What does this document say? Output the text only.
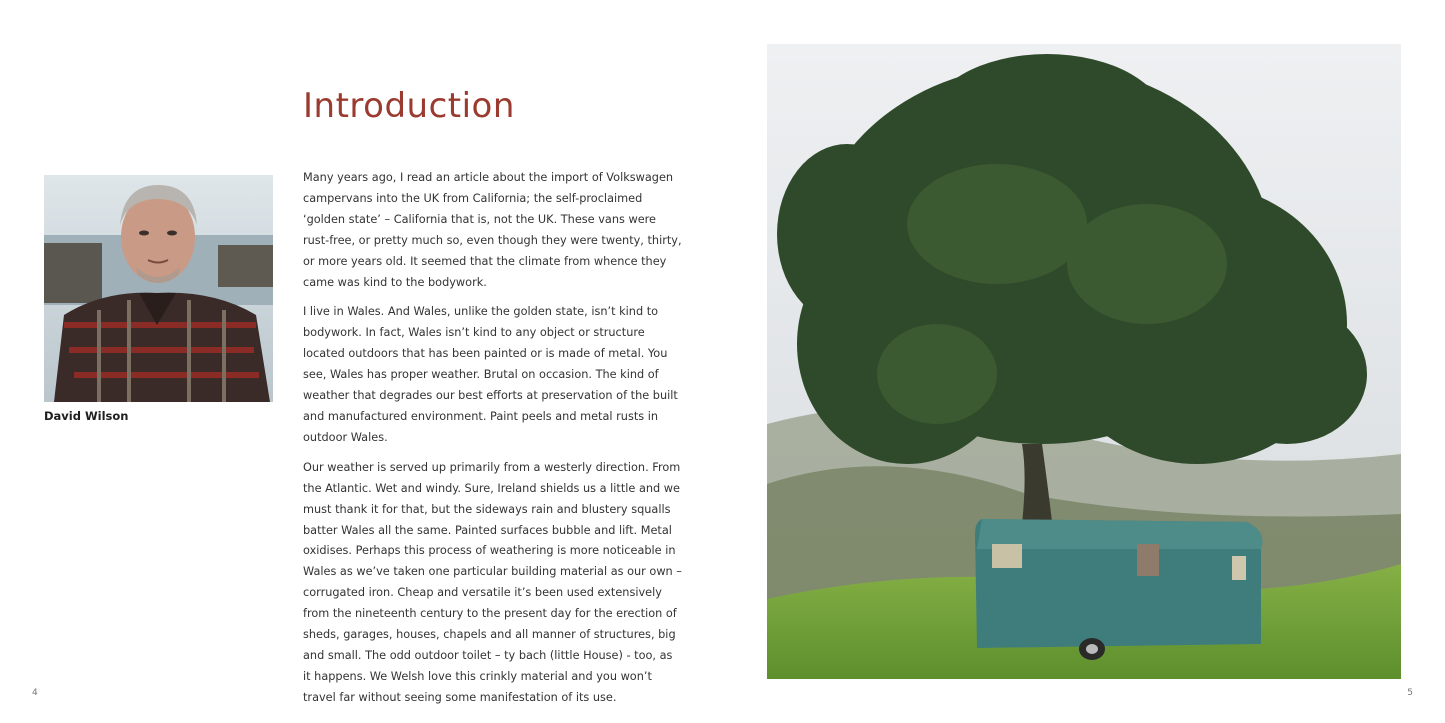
David Wilson
Introduction

Many years ago, I read an article about the import of Volkswagen campervans into the UK from California; the self-proclaimed ‘golden state’ – California that is, not the UK. These vans were rust-free, or pretty much so, even though they were twenty, thirty, or more years old. It seemed that the climate from whence they came was kind to the bodywork.

I live in Wales. And Wales, unlike the golden state, isn’t kind to bodywork. In fact, Wales isn’t kind to any object or structure located outdoors that has been painted or is made of metal. You see, Wales has proper weather. Brutal on occasion. The kind of weather that degrades our best efforts at preservation of the built and manufactured environment. Paint peels and metal rusts in outdoor Wales.

Our weather is served up primarily from a westerly direction. From the Atlantic. Wet and windy. Sure, Ireland shields us a little and we must thank it for that, but the sideways rain and blustery squalls batter Wales all the same. Painted surfaces bubble and lift. Metal oxidises. Perhaps this process of weathering is more noticeable in Wales as we’ve taken one particular building material as our own – corrugated iron. Cheap and versatile it’s been used extensively from the nineteenth century to the present day for the erection of sheds, garages, houses, chapels and all manner of structures, big and small. The odd outdoor toilet – ty bach (little House) - too, as it happens. We Welsh love this crinkly material and you won’t travel far without seeing some manifestation of its use.

4	5
